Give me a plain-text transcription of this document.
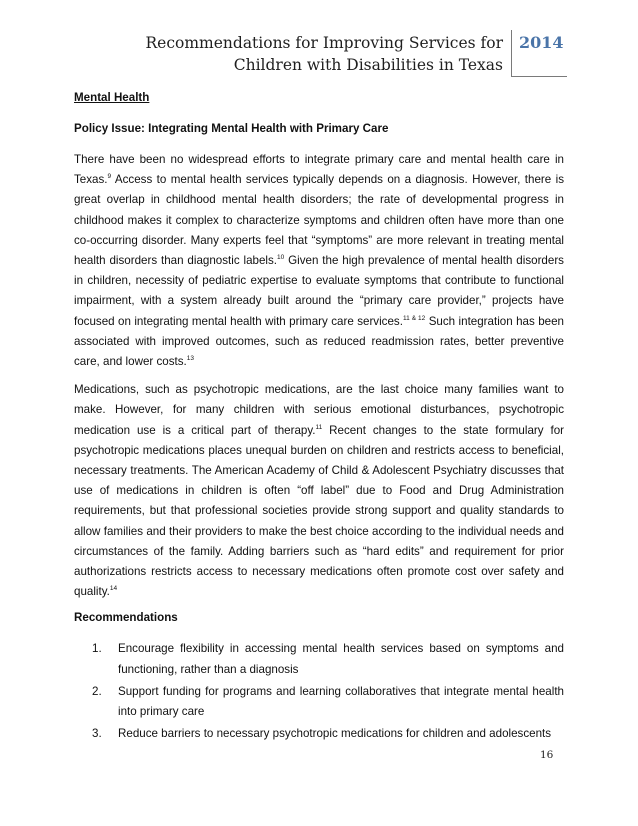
Recommendations for Improving Services for
Children with Disabilities in Texas
2014
Mental Health
Policy Issue: Integrating Mental Health with Primary Care

There have been no widespread efforts to integrate primary care and mental health care in Texas.$^9$ Access to mental health services typically depends on a diagnosis. However, there is great overlap in childhood mental health disorders; the rate of developmental progress in childhood makes it complex to characterize symptoms and children often have more than one co-occurring disorder. Many experts feel that “symptoms” are more relevant in treating mental health disorders than diagnostic labels.$^{10}$ Given the high prevalence of mental health disorders in children, necessity of pediatric expertise to evaluate symptoms that contribute to functional impairment, with a system already built around the “primary care provider,” projects have focused on integrating mental health with primary care services.$^{11 \& 12}$ Such integration has been associated with improved outcomes, such as reduced readmission rates, better preventive care, and lower costs.$^{13}$

Medications, such as psychotropic medications, are the last choice many families want to make. However, for many children with serious emotional disturbances, psychotropic medication use is a critical part of therapy.$^{11}$ Recent changes to the state formulary for psychotropic medications places unequal burden on children and restricts access to beneficial, necessary treatments. The American Academy of Child & Adolescent Psychiatry discusses that use of medications in children is often “off label” due to Food and Drug Administration requirements, but that professional societies provide strong support and quality standards to allow families and their providers to make the best choice according to the individual needs and circumstances of the family. Adding barriers such as “hard edits” and requirement for prior authorizations restricts access to necessary medications often promote cost over safety and quality.$^{14}$

Recommendations
1. Encourage flexibility in accessing mental health services based on symptoms and functioning, rather than a diagnosis
2. Support funding for programs and learning collaboratives that integrate mental health into primary care
3. Reduce barriers to necessary psychotropic medications for children and adolescents
16
